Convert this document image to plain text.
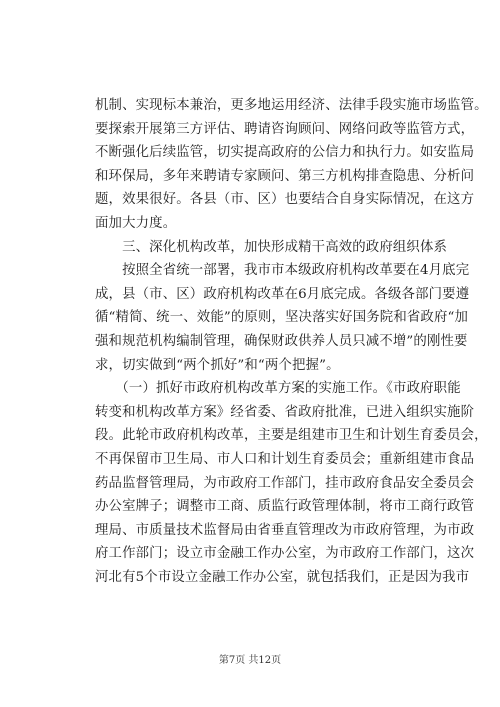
机制、实现标本兼治，更多地运用经济、法律手段实施市场监管。
要探索开展第三方评估、聘请咨询顾问、网络问政等监管方式，
不断强化后续监管，切实提高政府的公信力和执行力。如安监局
和环保局，多年来聘请专家顾问、第三方机构排查隐患、分析问
题，效果很好。各县（市、区）也要结合自身实际情况，在这方
面加大力度。
　　三、深化机构改革，加快形成精干高效的政府组织体系
　　按照全省统一部署，我市市本级政府机构改革要在4月底完
成，县（市、区）政府机构改革在6月底完成。各级各部门要遵
循“精简、统一、效能”的原则，坚决落实好国务院和省政府“加
强和规范机构编制管理，确保财政供养人员只减不增”的刚性要
求，切实做到“两个抓好”和“两个把握”。
　　（一）抓好市政府机构改革方案的实施工作。《市政府职能
转变和机构改革方案》经省委、省政府批准，已进入组织实施阶
段。此轮市政府机构改革，主要是组建市卫生和计划生育委员会，
不再保留市卫生局、市人口和计划生育委员会；重新组建市食品
药品监督管理局，为市政府工作部门，挂市政府食品安全委员会
办公室牌子；调整市工商、质监行政管理体制，将市工商行政管
理局、市质量技术监督局由省垂直管理改为市政府管理，为市政
府工作部门；设立市金融工作办公室，为市政府工作部门，这次
河北有5个市设立金融工作办公室，就包括我们，正是因为我市
第7页 共12页
